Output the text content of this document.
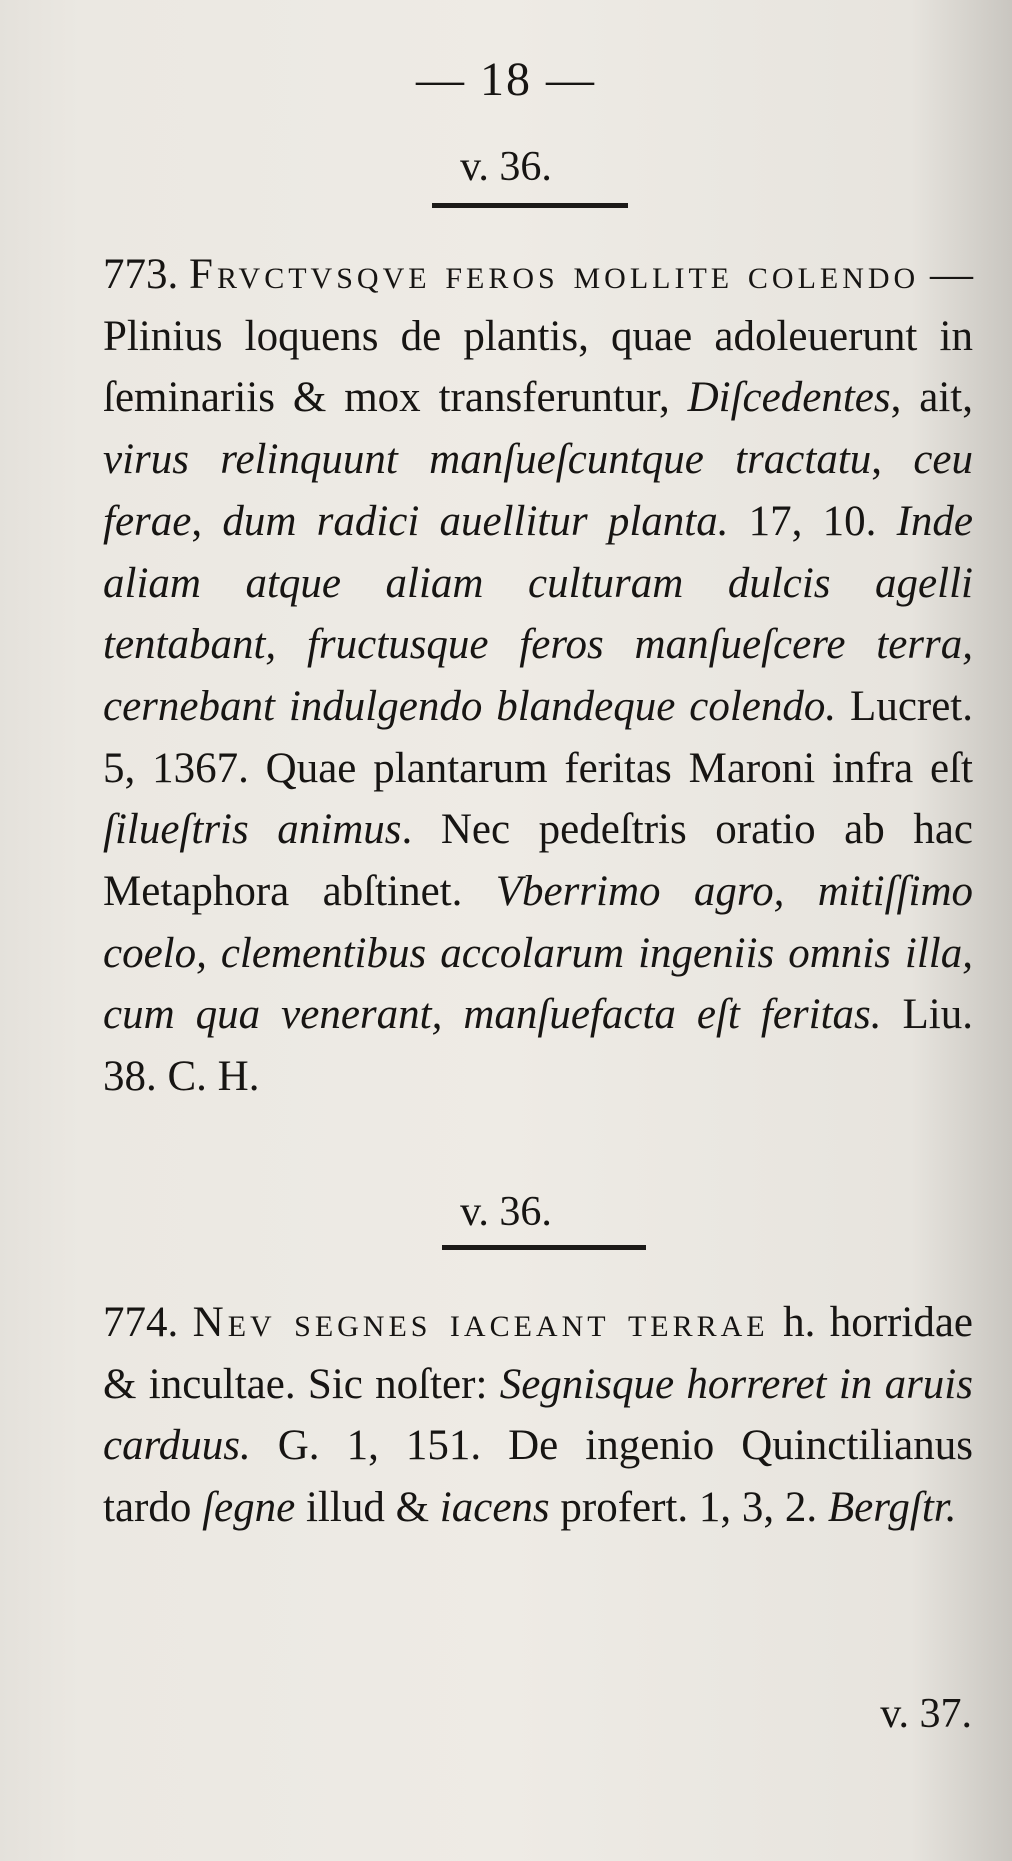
— 18 —
v. 36.
773. Frvctvsqve feros mollite colendo — Plinius loquens de plantis, quae adoleuerunt in ſeminariis & mox transferuntur, Diſcedentes, ait, virus relinquunt manſueſcuntque tractatu, ceu ferae, dum radici auellitur planta. 17, 10. Inde aliam atque aliam culturam dulcis agelli tentabant, fructusque feros manſueſcere terra, cernebant indulgendo blandeque colendo. Lucret. 5, 1367. Quae plantarum feritas Maroni infra eſt ſilueſtris animus. Nec pedeſtris oratio ab hac Metaphora abſtinet. Vberrimo agro, mitiſſimo coelo, clementibus accolarum ingeniis omnis illa, cum qua venerant, manſuefacta eſt feritas. Liu. 38. C. H.
v. 36.
774. Nev segnes iaceant terrae h. horridae & incultae. Sic noſter: Segnisque horreret in aruis carduus. G. 1, 151. De ingenio Quinctilianus tardo ſegne illud & iacens profert. 1, 3, 2. Bergſtr.
v. 37.
